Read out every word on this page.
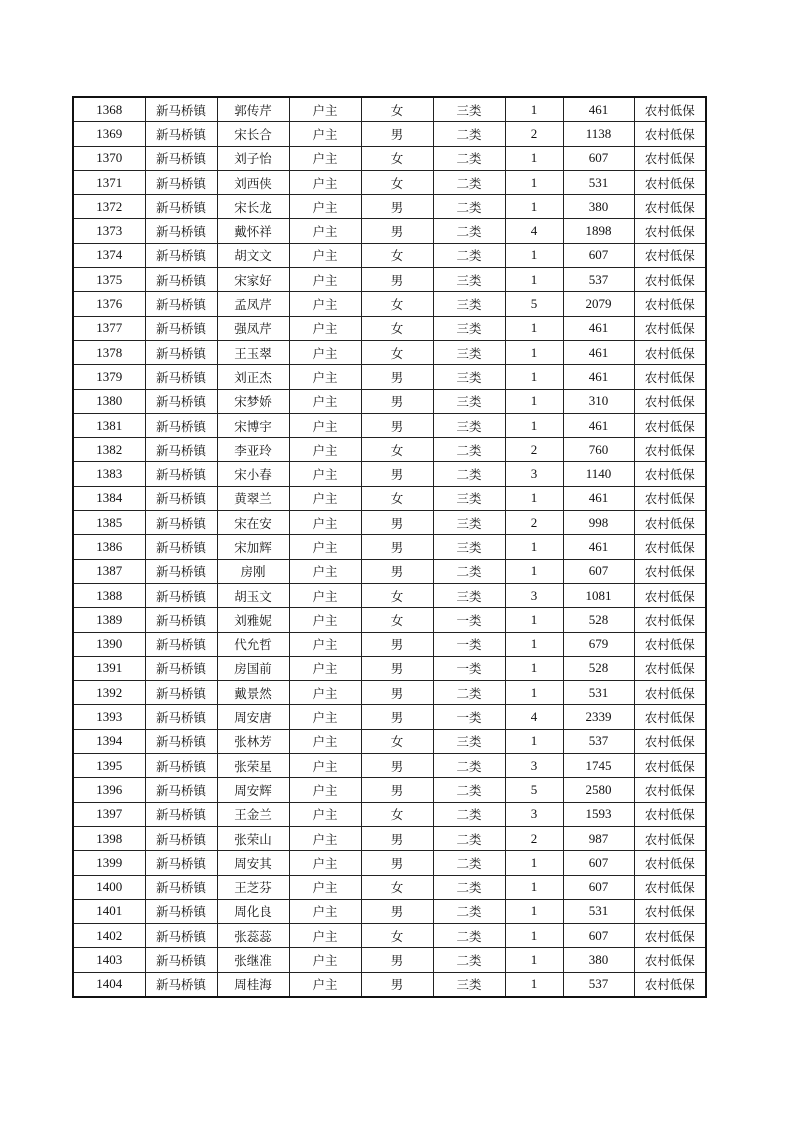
1368	新马桥镇	郭传芹	户主	女	三类	1	461	农村低保
1369	新马桥镇	宋长合	户主	男	二类	2	1138	农村低保
1370	新马桥镇	刘子怡	户主	女	二类	1	607	农村低保
1371	新马桥镇	刘西侠	户主	女	二类	1	531	农村低保
1372	新马桥镇	宋长龙	户主	男	二类	1	380	农村低保
1373	新马桥镇	戴怀祥	户主	男	二类	4	1898	农村低保
1374	新马桥镇	胡文文	户主	女	二类	1	607	农村低保
1375	新马桥镇	宋家好	户主	男	三类	1	537	农村低保
1376	新马桥镇	孟凤芹	户主	女	三类	5	2079	农村低保
1377	新马桥镇	强凤芹	户主	女	三类	1	461	农村低保
1378	新马桥镇	王玉翠	户主	女	三类	1	461	农村低保
1379	新马桥镇	刘正杰	户主	男	三类	1	461	农村低保
1380	新马桥镇	宋梦娇	户主	男	三类	1	310	农村低保
1381	新马桥镇	宋博宇	户主	男	三类	1	461	农村低保
1382	新马桥镇	李亚玲	户主	女	二类	2	760	农村低保
1383	新马桥镇	宋小春	户主	男	二类	3	1140	农村低保
1384	新马桥镇	黄翠兰	户主	女	三类	1	461	农村低保
1385	新马桥镇	宋在安	户主	男	三类	2	998	农村低保
1386	新马桥镇	宋加辉	户主	男	三类	1	461	农村低保
1387	新马桥镇	房刚	户主	男	二类	1	607	农村低保
1388	新马桥镇	胡玉文	户主	女	三类	3	1081	农村低保
1389	新马桥镇	刘雅妮	户主	女	一类	1	528	农村低保
1390	新马桥镇	代允哲	户主	男	一类	1	679	农村低保
1391	新马桥镇	房国前	户主	男	一类	1	528	农村低保
1392	新马桥镇	戴景然	户主	男	二类	1	531	农村低保
1393	新马桥镇	周安唐	户主	男	一类	4	2339	农村低保
1394	新马桥镇	张林芳	户主	女	三类	1	537	农村低保
1395	新马桥镇	张荣星	户主	男	二类	3	1745	农村低保
1396	新马桥镇	周安辉	户主	男	二类	5	2580	农村低保
1397	新马桥镇	王金兰	户主	女	二类	3	1593	农村低保
1398	新马桥镇	张荣山	户主	男	二类	2	987	农村低保
1399	新马桥镇	周安其	户主	男	二类	1	607	农村低保
1400	新马桥镇	王芝芬	户主	女	二类	1	607	农村低保
1401	新马桥镇	周化良	户主	男	二类	1	531	农村低保
1402	新马桥镇	张蕊蕊	户主	女	二类	1	607	农村低保
1403	新马桥镇	张继准	户主	男	二类	1	380	农村低保
1404	新马桥镇	周桂海	户主	男	三类	1	537	农村低保
